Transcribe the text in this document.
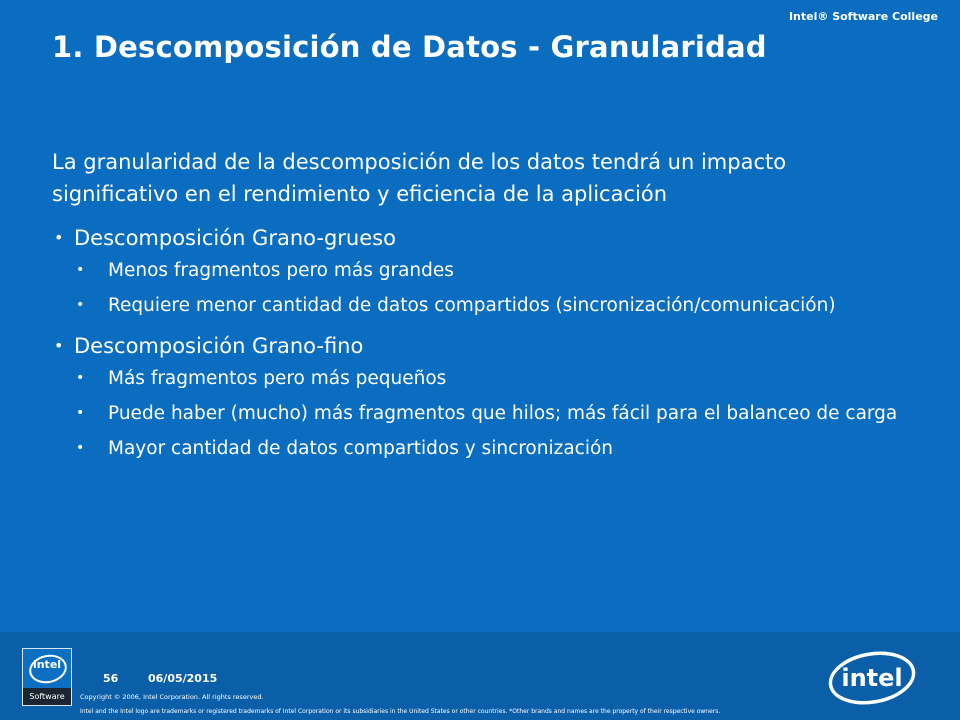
Intel® Software College
1. Descomposición de Datos - Granularidad

La granularidad de la descomposición de los datos tendrá un impacto significativo en el rendimiento y eficiencia de la aplicación

• Descomposición Grano-grueso
• Menos fragmentos pero más grandes
• Requiere menor cantidad de datos compartidos (sincronización/comunicación)
• Descomposición Grano-fino
• Más fragmentos pero más pequeños
• Puede haber (mucho) más fragmentos que hilos; más fácil para el balanceo de carga
• Mayor cantidad de datos compartidos y sincronización
intel
Software
56	06/05/2015
Copyright © 2006, Intel Corporation. All rights reserved.
Intel and the Intel logo are trademarks or registered trademarks of Intel Corporation or its subsidiaries in the United States or other countries. *Other brands and names are the property of their respective owners.
intel
